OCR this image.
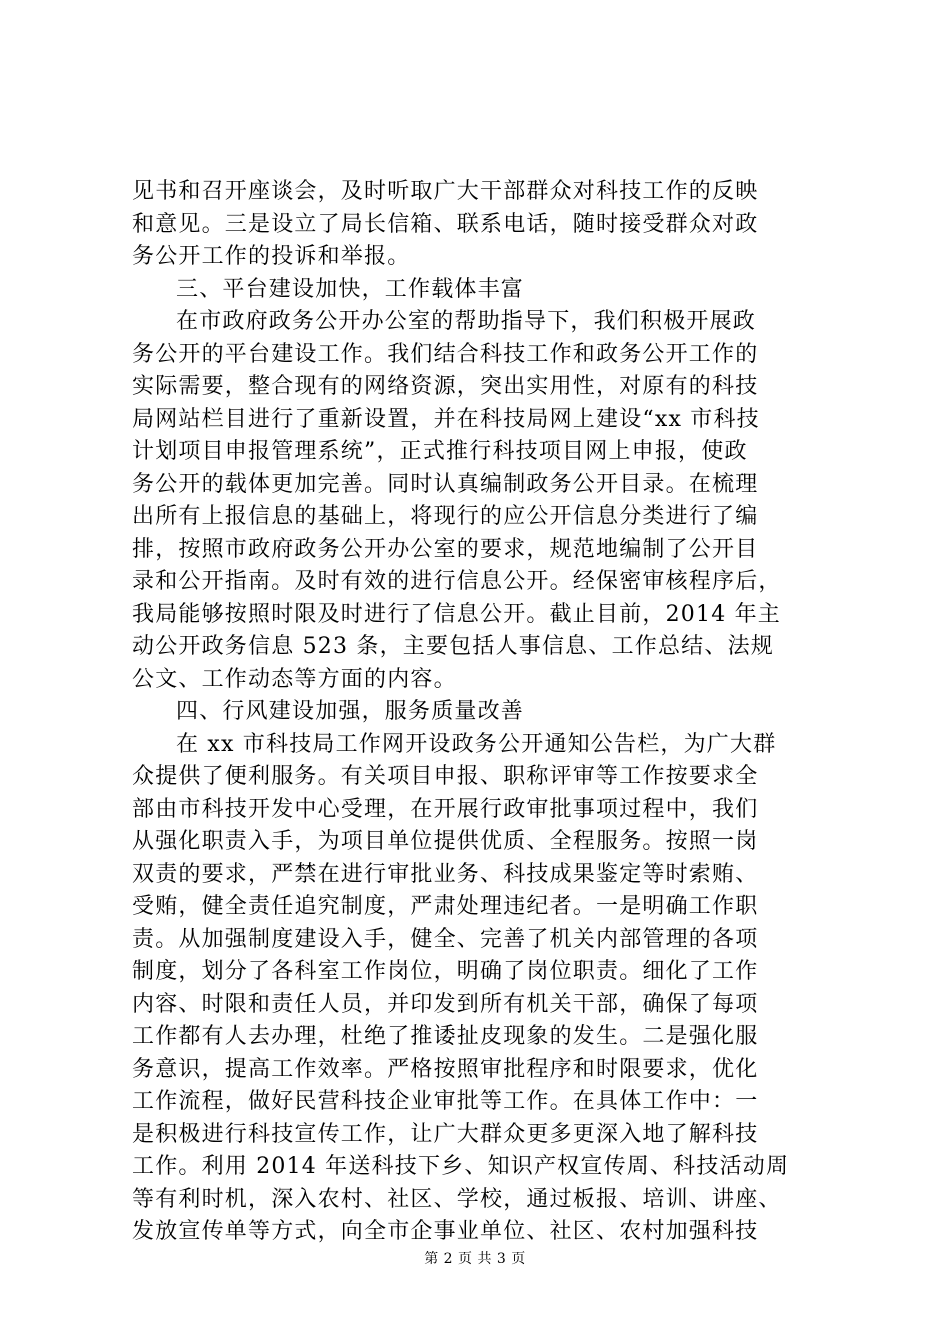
见书和召开座谈会，及时听取广大干部群众对科技工作的反映
和意见。三是设立了局长信箱、联系电话，随时接受群众对政
务公开工作的投诉和举报。
三、平台建设加快，工作载体丰富
在市政府政务公开办公室的帮助指导下，我们积极开展政
务公开的平台建设工作。我们结合科技工作和政务公开工作的
实际需要，整合现有的网络资源，突出实用性，对原有的科技
局网站栏目进行了重新设置，并在科技局网上建设“xx 市科技
计划项目申报管理系统”，正式推行科技项目网上申报，使政
务公开的载体更加完善。同时认真编制政务公开目录。在梳理
出所有上报信息的基础上，将现行的应公开信息分类进行了编
排，按照市政府政务公开办公室的要求，规范地编制了公开目
录和公开指南。及时有效的进行信息公开。经保密审核程序后，
我局能够按照时限及时进行了信息公开。截止目前，2014 年主
动公开政务信息 523 条，主要包括人事信息、工作总结、法规
公文、工作动态等方面的内容。
四、行风建设加强，服务质量改善
在 xx 市科技局工作网开设政务公开通知公告栏，为广大群
众提供了便利服务。有关项目申报、职称评审等工作按要求全
部由市科技开发中心受理，在开展行政审批事项过程中，我们
从强化职责入手，为项目单位提供优质、全程服务。按照一岗
双责的要求，严禁在进行审批业务、科技成果鉴定等时索贿、
受贿，健全责任追究制度，严肃处理违纪者。一是明确工作职
责。从加强制度建设入手，健全、完善了机关内部管理的各项
制度，划分了各科室工作岗位，明确了岗位职责。细化了工作
内容、时限和责任人员，并印发到所有机关干部，确保了每项
工作都有人去办理，杜绝了推诿扯皮现象的发生。二是强化服
务意识，提高工作效率。严格按照审批程序和时限要求，优化
工作流程，做好民营科技企业审批等工作。在具体工作中：一
是积极进行科技宣传工作，让广大群众更多更深入地了解科技
工作。利用 2014 年送科技下乡、知识产权宣传周、科技活动周
等有利时机，深入农村、社区、学校，通过板报、培训、讲座、
发放宣传单等方式，向全市企事业单位、社区、农村加强科技
第 2 页 共 3 页
